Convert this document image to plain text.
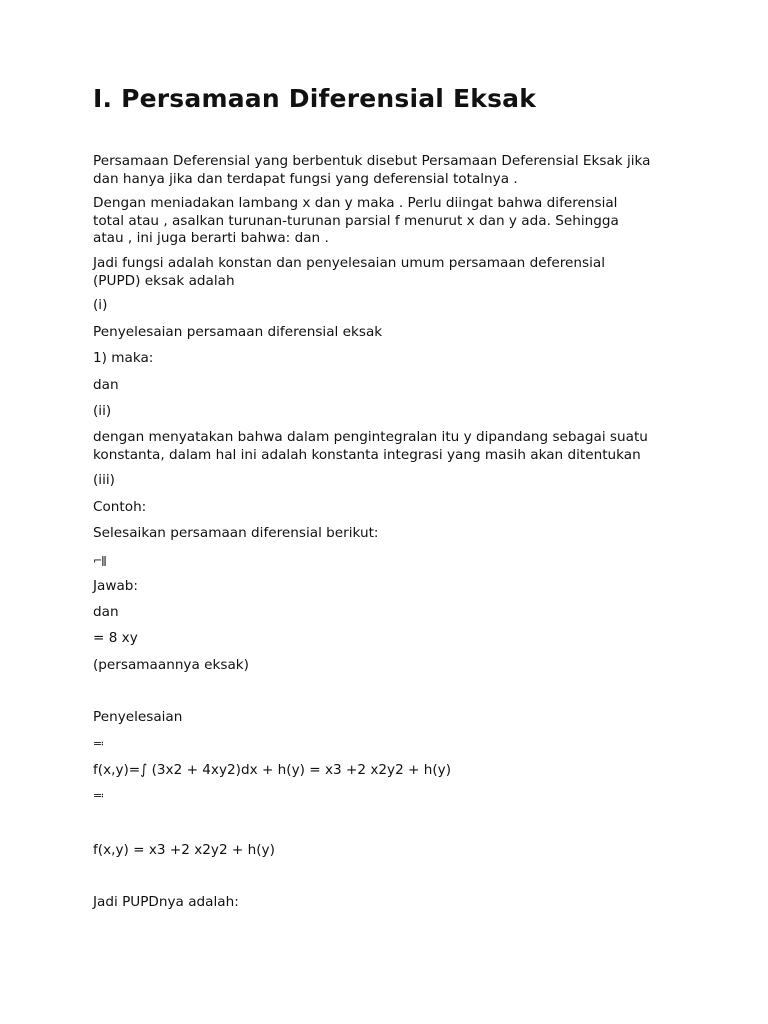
I. Persamaan Diferensial Eksak

Persamaan Deferensial yang berbentuk disebut Persamaan Deferensial Eksak jika
dan hanya jika dan terdapat fungsi yang deferensial totalnya .

Dengan meniadakan lambang x dan y maka . Perlu diingat bahwa diferensial
total atau , asalkan turunan-turunan parsial f menurut x dan y ada. Sehingga
atau , ini juga berarti bahwa: dan .

Jadi fungsi adalah konstan dan penyelesaian umum persamaan deferensial
(PUPD) eksak adalah

(i)

Penyelesaian persamaan diferensial eksak

1) maka:

dan

(ii)

dengan menyatakan bahwa dalam pengintegralan itu y dipandang sebagai suatu
konstanta, dalam hal ini adalah konstanta integrasi yang masih akan ditentukan

(iii)

Contoh:

Selesaikan persamaan diferensial berikut:

⌐ǁ

Jawab:

dan

= 8 xy

(persamaannya eksak)

Penyelesaian

≕

f(x,y)=∫ (3x2 + 4xy2)dx + h(y) = x3 +2 x2y2 + h(y)

≕

f(x,y) = x3 +2 x2y2 + h(y)

Jadi PUPDnya adalah:
